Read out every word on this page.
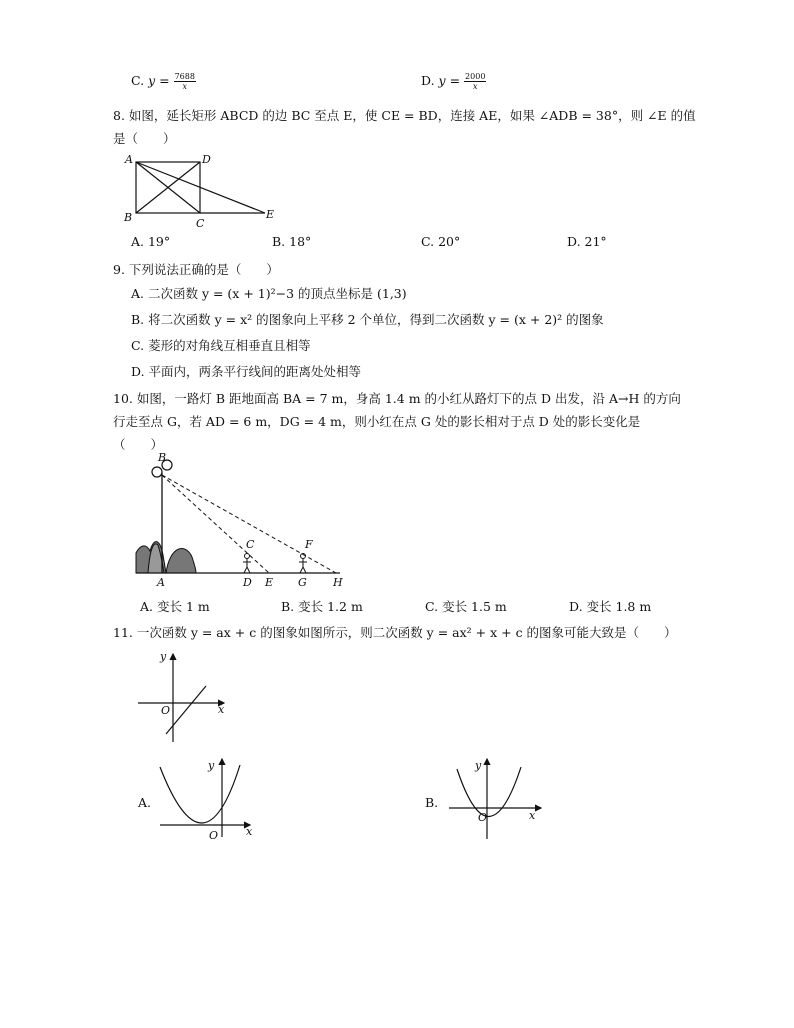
C. $y = \frac{7688}{x}$	D. $y = \frac{2000}{x}$
8. 如图，延长矩形 ABCD 的边 BC 至点 E，使 CE = BD，连接 AE，如果 ∠ADB = 38°，则 ∠E 的值
是（　　）
A	D
B	C
E
A. 19°	B. 18°	C. 20°	D. 21°
9. 下列说法正确的是（　　）
A. 二次函数 y = (x + 1)²−3 的顶点坐标是 (1,3)
B. 将二次函数 y = x² 的图象向上平移 2 个单位，得到二次函数 y = (x + 2)² 的图象
C. 菱形的对角线互相垂直且相等
D. 平面内，两条平行线间的距离处处相等
10. 如图，一路灯 B 距地面高 BA = 7 m，身高 1.4 m 的小红从路灯下的点 D 出发，沿 A→H 的方向
行走至点 G，若 AD = 6 m，DG = 4 m，则小红在点 G 处的影长相对于点 D 处的影长变化是
（　　）
B
A
C
D E
F
G H
A. 变长 1 m	B. 变长 1.2 m	C. 变长 1.5 m	D. 变长 1.8 m
11. 一次函数 y = ax + c 的图象如图所示，则二次函数 y = ax² + x + c 的图象可能大致是（　　）
y
x
O
A.
y
x
O
B.
y
x
O
